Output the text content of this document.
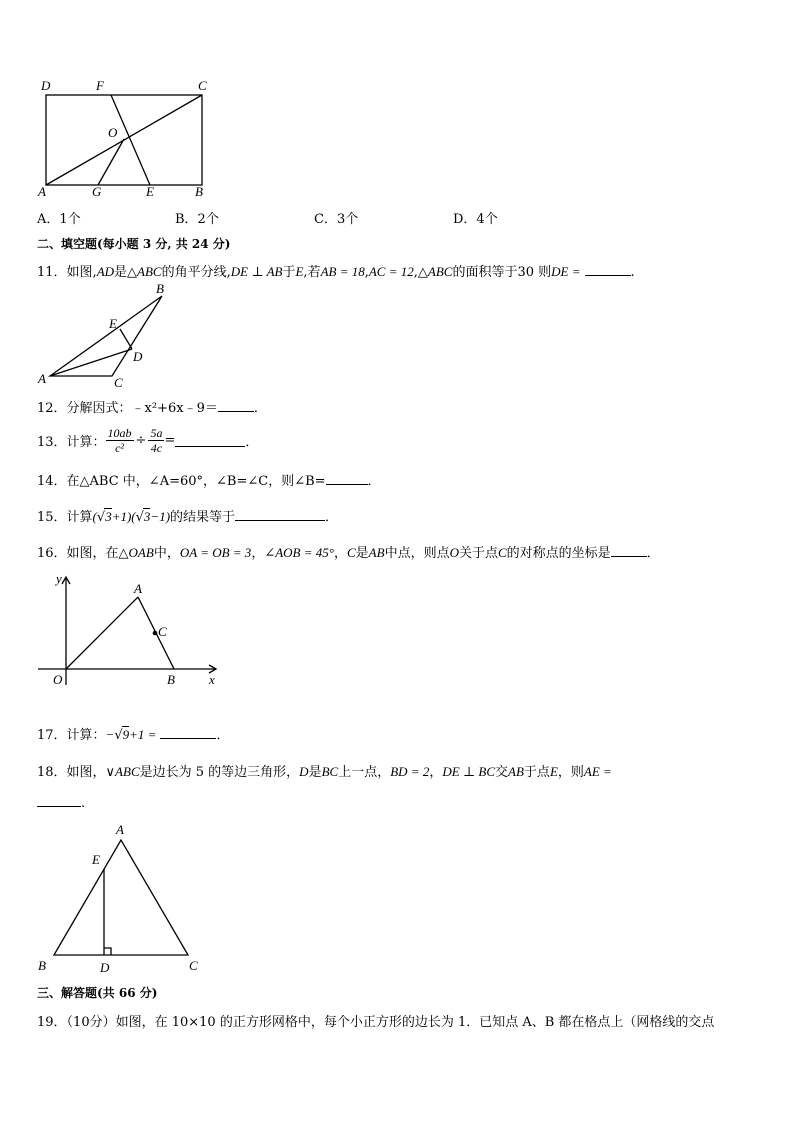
D	F	C
O
A	G	E	B
A．1个	B．2个	C．3个	D．4个
二、填空题(每小题 3 分, 共 24 分)
11．如图,AD是△ABC的角平分线,DE ⊥ AB于E,若AB = 18,AC = 12,△ABC的面积等于30 则DE =	.
B
E
D
A	C
12．分解因式：﹣x²+6x﹣9＝	．
13．计算： $\frac{10ab}{\text{c²}} \div \frac{5a}{4c}$ =	．
14．在△ABC 中，∠A=60°，∠B=∠C，则∠B=	．
15．计算(√3+1)(√3−1)的结果等于	．
16．如图，在△OAB中，OA = OB = 3，∠AOB = 45°，C是AB中点，则点O关于点C的对称点的坐标是	．
y
A
C
O	B	x
17．计算：−√9+1 =	．
18．如图，∨ABC是边长为 5 的等边三角形，D是BC上一点，BD = 2，DE ⊥ BC交AB于点E，则AE =
.
A
E
B	D	C
三、解答题(共 66 分)
19．（10分）如图，在 10×10 的正方形网格中，每个小正方形的边长为 1．已知点 A、B 都在格点上（网格线的交点
